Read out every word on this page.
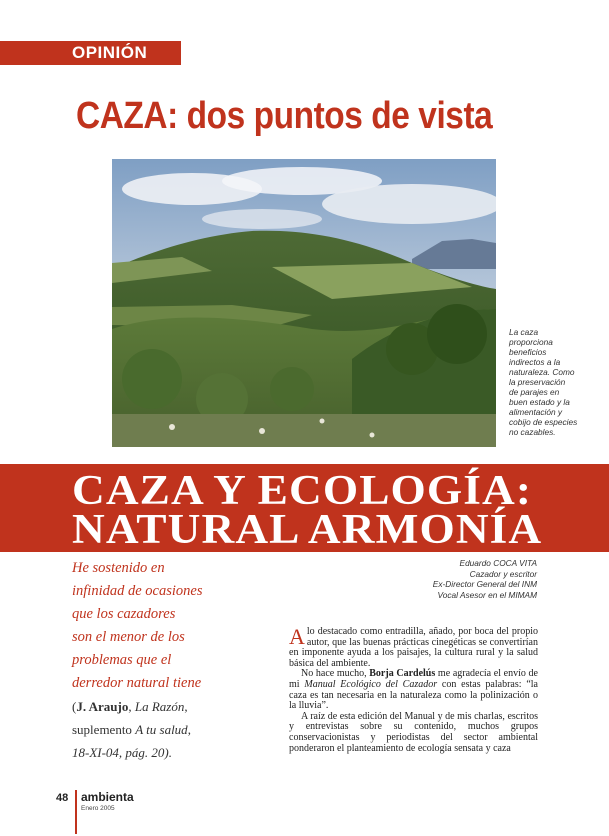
OPINIÓN
CAZA: dos puntos de vista

La caza

proporciona

beneficios

indirectos a la

naturaleza. Como

la preservación

de parajes en

buen estado y la

alimentación y

cobijo de especies

no cazables.

CAZA Y ECOLOGÍA:
NATURAL ARMONÍA
He sostenido en
infinidad de ocasiones
que los cazadores
son el menor de los
problemas que el
derredor natural tiene
(J. Araujo, La Razón,
suplemento A tu salud,
18-XI-04, pág. 20).

Eduardo COCA VITA

Cazador y escritor

Ex-Director General del INM

Vocal Asesor en el MIMAM

Alo destacado como entradilla, añado, por boca del propio autor, que las buenas prácticas cinegéticas se convertirían en imponente ayuda a los paisajes, la cultura rural y la salud básica del ambiente.

No hace mucho, Borja Cardelús me agradecía el envío de mi Manual Ecológico del Cazador con estas palabras: “la caza es tan necesaria en la naturaleza como la polinización o la lluvia”.

A raíz de esta edición del Manual y de mis charlas, escritos y entrevistas sobre su contenido, muchos grupos conservacionistas y periodistas del sector ambiental ponderaron el planteamiento de ecología sensata y caza

48	ambienta
Enero 2005
